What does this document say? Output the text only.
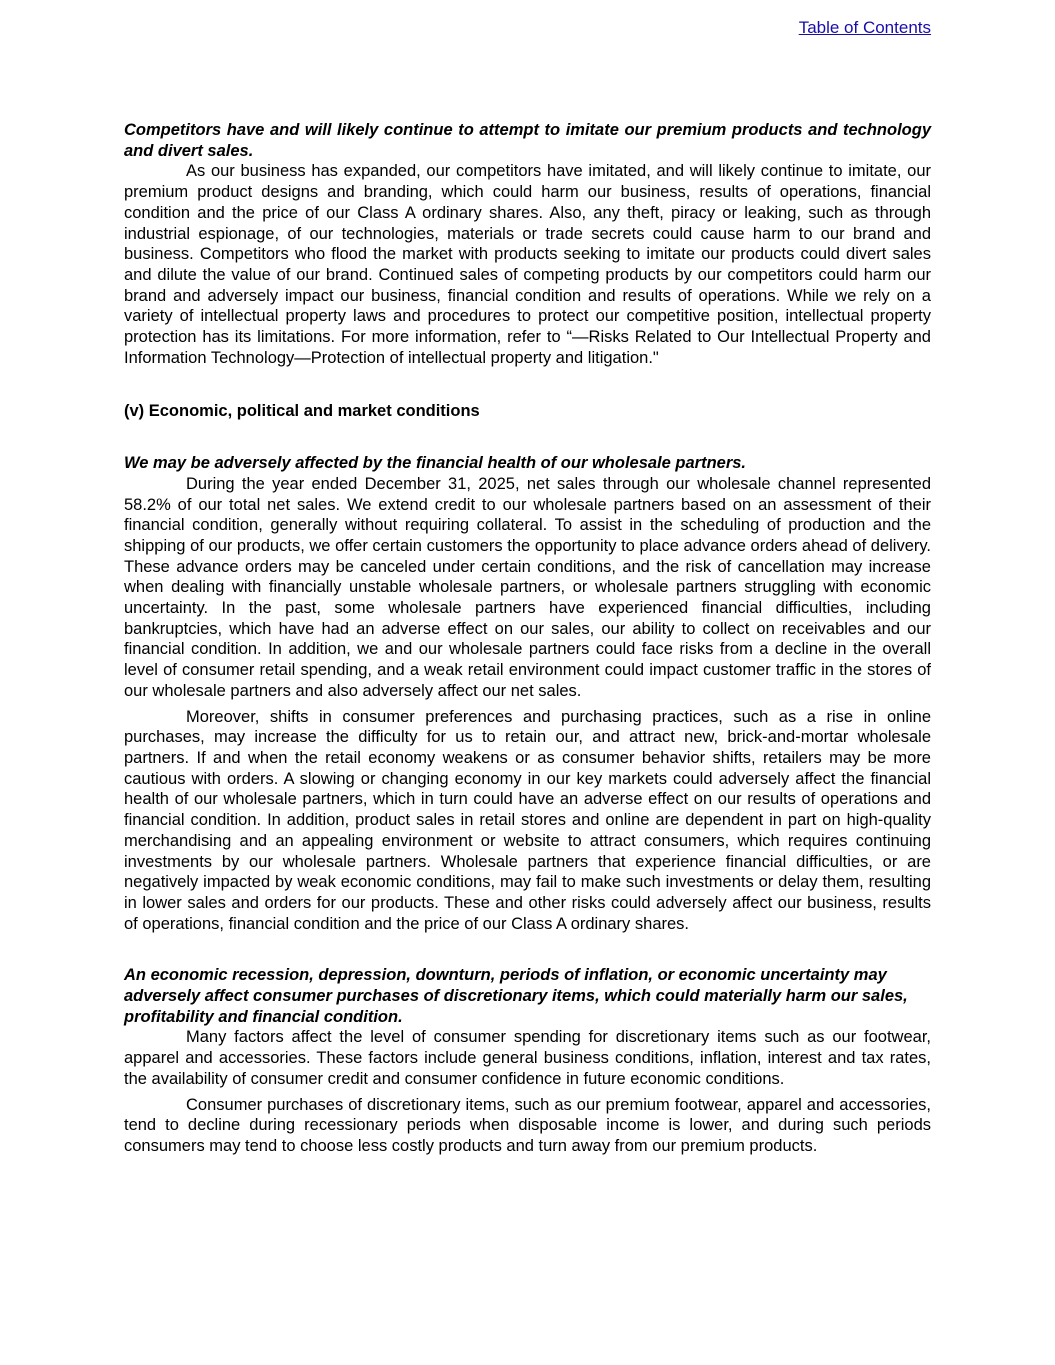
Table of Contents

Competitors have and will likely continue to attempt to imitate our premium products and technology and divert sales.

As our business has expanded, our competitors have imitated, and will likely continue to imitate, our premium product designs and branding, which could harm our business, results of operations, financial condition and the price of our Class A ordinary shares. Also, any theft, piracy or leaking, such as through industrial espionage, of our technologies, materials or trade secrets could cause harm to our brand and business. Competitors who flood the market with products seeking to imitate our products could divert sales and dilute the value of our brand. Continued sales of competing products by our competitors could harm our brand and adversely impact our business, financial condition and results of operations. While we rely on a variety of intellectual property laws and procedures to protect our competitive position, intellectual property protection has its limitations. For more information, refer to “—Risks Related to Our Intellectual Property and Information Technology—Protection of intellectual property and litigation."

(v) Economic, political and market conditions

We may be adversely affected by the financial health of our wholesale partners.

During the year ended December 31, 2025, net sales through our wholesale channel represented 58.2% of our total net sales. We extend credit to our wholesale partners based on an assessment of their financial condition, generally without requiring collateral. To assist in the scheduling of production and the shipping of our products, we offer certain customers the opportunity to place advance orders ahead of delivery. These advance orders may be canceled under certain conditions, and the risk of cancellation may increase when dealing with financially unstable wholesale partners, or wholesale partners struggling with economic uncertainty. In the past, some wholesale partners have experienced financial difficulties, including bankruptcies, which have had an adverse effect on our sales, our ability to collect on receivables and our financial condition. In addition, we and our wholesale partners could face risks from a decline in the overall level of consumer retail spending, and a weak retail environment could impact customer traffic in the stores of our wholesale partners and also adversely affect our net sales.

Moreover, shifts in consumer preferences and purchasing practices, such as a rise in online purchases, may increase the difficulty for us to retain our, and attract new, brick-and-mortar wholesale partners. If and when the retail economy weakens or as consumer behavior shifts, retailers may be more cautious with orders. A slowing or changing economy in our key markets could adversely affect the financial health of our wholesale partners, which in turn could have an adverse effect on our results of operations and financial condition. In addition, product sales in retail stores and online are dependent in part on high-quality merchandising and an appealing environment or website to attract consumers, which requires continuing investments by our wholesale partners. Wholesale partners that experience financial difficulties, or are negatively impacted by weak economic conditions, may fail to make such investments or delay them, resulting in lower sales and orders for our products. These and other risks could adversely affect our business, results of operations, financial condition and the price of our Class A ordinary shares.

An economic recession, depression, downturn, periods of inflation, or economic uncertainty may adversely affect consumer purchases of discretionary items, which could materially harm our sales, profitability and financial condition.

Many factors affect the level of consumer spending for discretionary items such as our footwear, apparel and accessories. These factors include general business conditions, inflation, interest and tax rates, the availability of consumer credit and consumer confidence in future economic conditions.

Consumer purchases of discretionary items, such as our premium footwear, apparel and accessories, tend to decline during recessionary periods when disposable income is lower, and during such periods consumers may tend to choose less costly products and turn away from our premium products.
